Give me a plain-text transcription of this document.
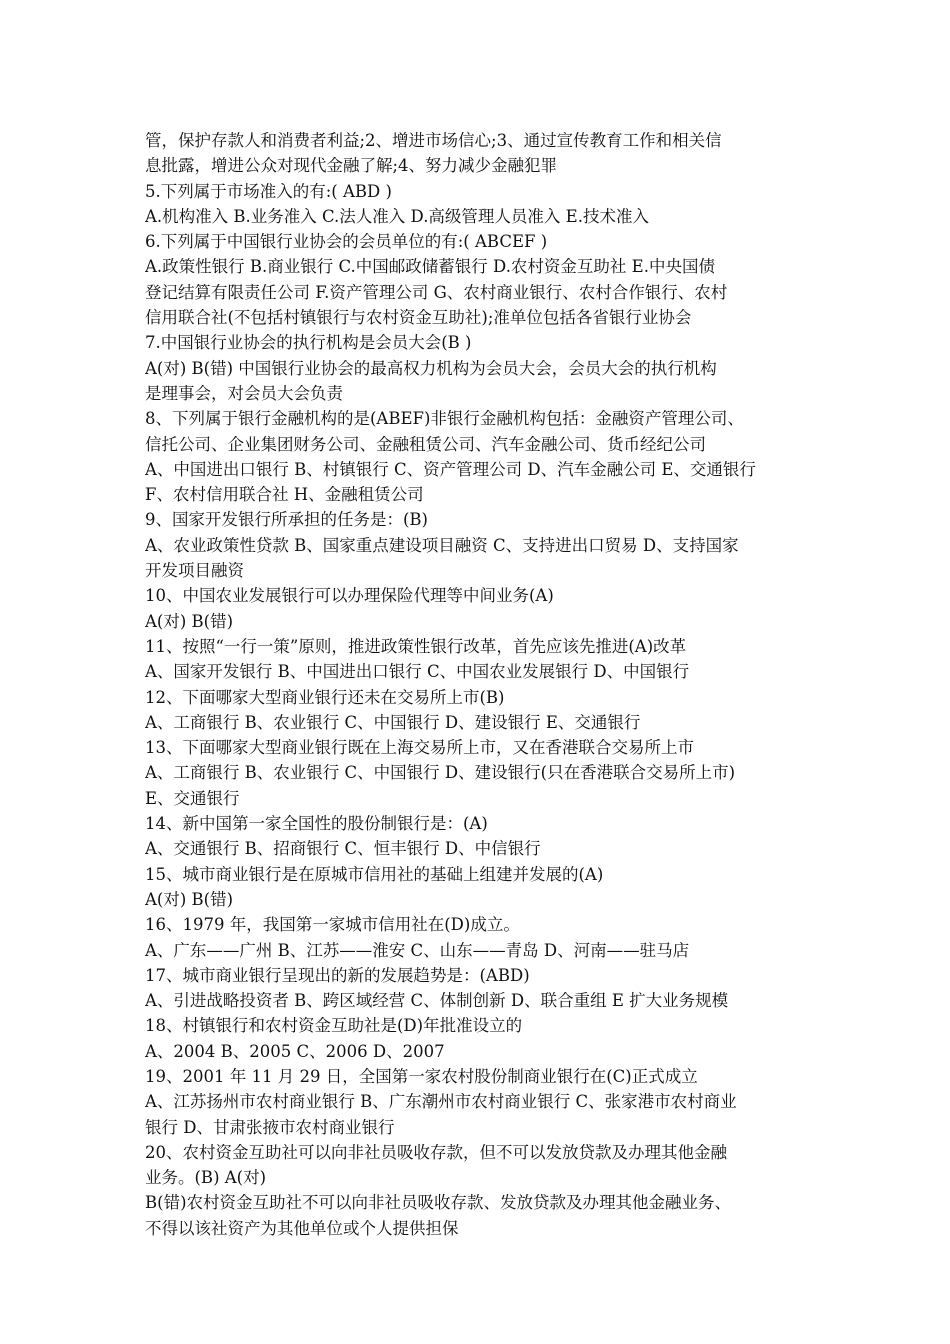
管，保护存款人和消费者利益;2、增进市场信心;3、通过宣传教育工作和相关信
息批露，增进公众对现代金融了解;4、努力减少金融犯罪
5.下列属于市场准入的有:( ABD )
A.机构准入 B.业务准入 C.法人准入 D.高级管理人员准入 E.技术准入
6.下列属于中国银行业协会的会员单位的有:( ABCEF )
A.政策性银行 B.商业银行 C.中国邮政储蓄银行 D.农村资金互助社 E.中央国债
登记结算有限责任公司 F.资产管理公司 G、农村商业银行、农村合作银行、农村
信用联合社(不包括村镇银行与农村资金互助社);准单位包括各省银行业协会
7.中国银行业协会的执行机构是会员大会(B )
A(对) B(错) 中国银行业协会的最高权力机构为会员大会，会员大会的执行机构
是理事会，对会员大会负责
8、下列属于银行金融机构的是(ABEF)非银行金融机构包括：金融资产管理公司、
信托公司、企业集团财务公司、金融租赁公司、汽车金融公司、货币经纪公司
A、中国进出口银行 B、村镇银行 C、资产管理公司 D、汽车金融公司 E、交通银行
F、农村信用联合社 H、金融租赁公司
9、国家开发银行所承担的任务是：(B)
A、农业政策性贷款 B、国家重点建设项目融资 C、支持进出口贸易 D、支持国家
开发项目融资
10、中国农业发展银行可以办理保险代理等中间业务(A)
A(对) B(错)
11、按照“一行一策”原则，推进政策性银行改革，首先应该先推进(A)改革
A、国家开发银行 B、中国进出口银行 C、中国农业发展银行 D、中国银行
12、下面哪家大型商业银行还未在交易所上市(B)
A、工商银行 B、农业银行 C、中国银行 D、建设银行 E、交通银行
13、下面哪家大型商业银行既在上海交易所上市，又在香港联合交易所上市
A、工商银行 B、农业银行 C、中国银行 D、建设银行(只在香港联合交易所上市)
E、交通银行
14、新中国第一家全国性的股份制银行是：(A)
A、交通银行 B、招商银行 C、恒丰银行 D、中信银行
15、城市商业银行是在原城市信用社的基础上组建并发展的(A)
A(对) B(错)
16、1979 年，我国第一家城市信用社在(D)成立。
A、广东——广州 B、江苏——淮安 C、山东——青岛 D、河南——驻马店
17、城市商业银行呈现出的新的发展趋势是：(ABD)
A、引进战略投资者 B、跨区域经营 C、体制创新 D、联合重组 E 扩大业务规模
18、村镇银行和农村资金互助社是(D)年批准设立的
A、2004 B、2005 C、2006 D、2007
19、2001 年 11 月 29 日，全国第一家农村股份制商业银行在(C)正式成立
A、江苏扬州市农村商业银行 B、广东潮州市农村商业银行 C、张家港市农村商业
银行 D、甘肃张掖市农村商业银行
20、农村资金互助社可以向非社员吸收存款，但不可以发放贷款及办理其他金融
业务。(B) A(对)
B(错)农村资金互助社不可以向非社员吸收存款、发放贷款及办理其他金融业务、
不得以该社资产为其他单位或个人提供担保
